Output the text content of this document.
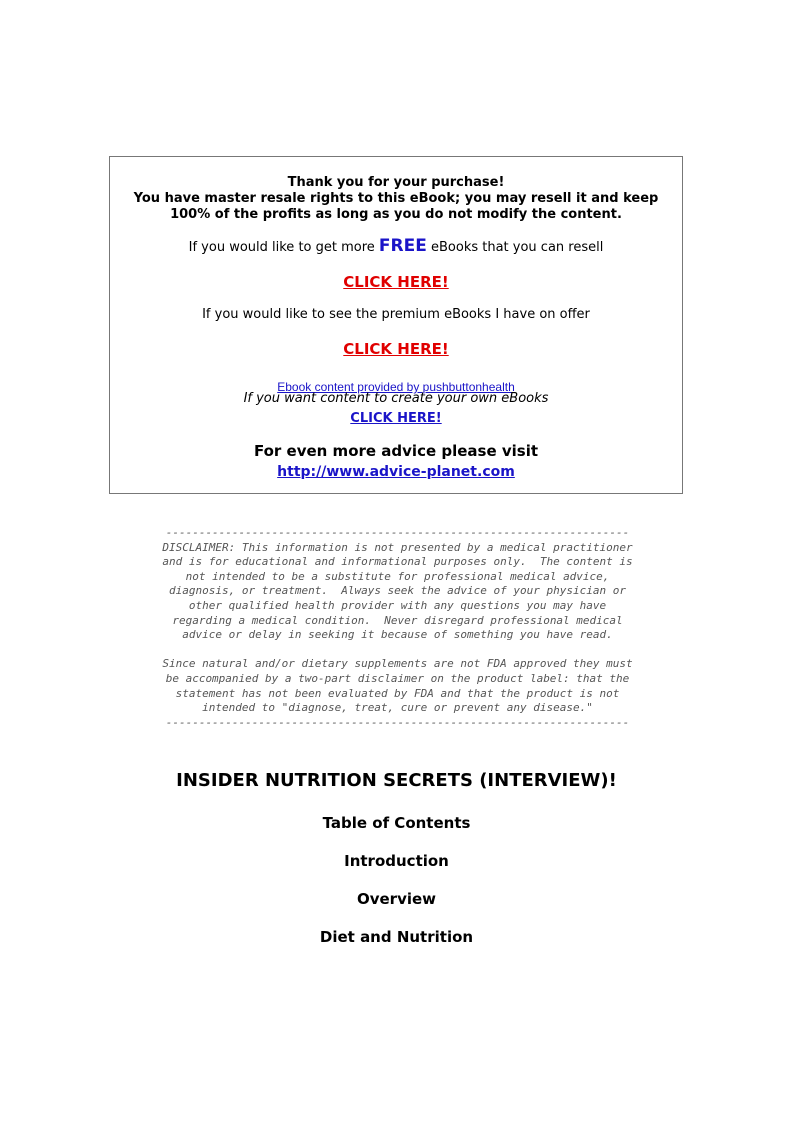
Thank you for your purchase!
You have master resale rights to this eBook; you may resell it and keep
100% of the profits as long as you do not modify the content.
If you would like to get more FREE eBooks that you can resell
CLICK HERE!
If you would like to see the premium eBooks I have on offer
CLICK HERE!
Ebook content provided by pushbuttonhealth
If you want content to create your own eBooks
CLICK HERE!
For even more advice please visit
http://www.advice-planet.com
----------------------------------------------------------------------
DISCLAIMER: This information is not presented by a medical practitioner
and is for educational and informational purposes only.  The content is
not intended to be a substitute for professional medical advice,
diagnosis, or treatment.  Always seek the advice of your physician or
other qualified health provider with any questions you may have
regarding a medical condition.  Never disregard professional medical
advice or delay in seeking it because of something you have read.

Since natural and/or dietary supplements are not FDA approved they must
be accompanied by a two-part disclaimer on the product label: that the
statement has not been evaluated by FDA and that the product is not
intended to "diagnose, treat, cure or prevent any disease."
----------------------------------------------------------------------
INSIDER NUTRITION SECRETS (INTERVIEW)!
Table of Contents
Introduction
Overview
Diet and Nutrition
